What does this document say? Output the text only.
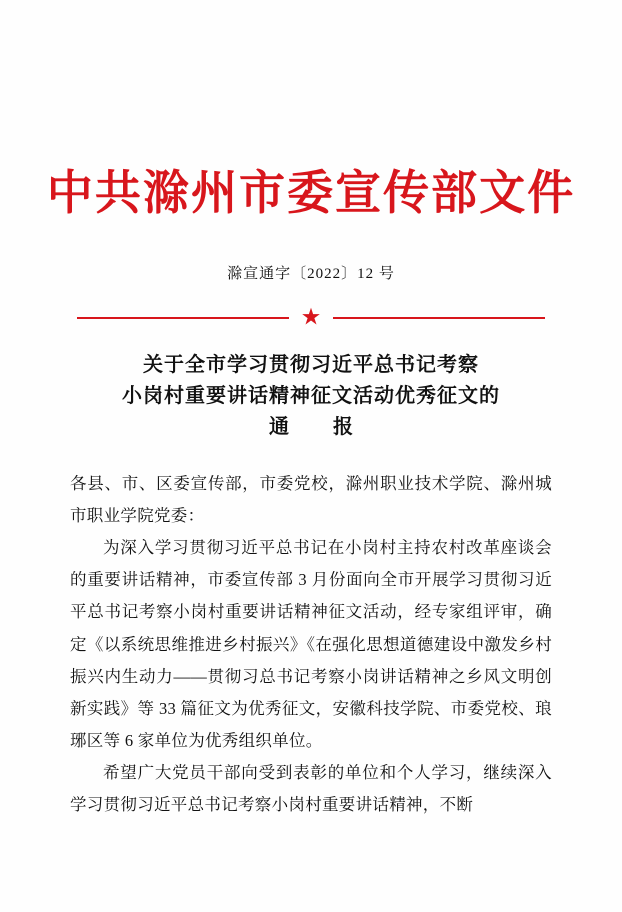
中共滁州市委宣传部文件
滁宣通字〔2022〕12 号
★
关于全市学习贯彻习近平总书记考察
小岗村重要讲话精神征文活动优秀征文的
通　报

各县、市、区委宣传部，市委党校，滁州职业技术学院、滁州城市职业学院党委：

为深入学习贯彻习近平总书记在小岗村主持农村改革座谈会的重要讲话精神，市委宣传部 3 月份面向全市开展学习贯彻习近平总书记考察小岗村重要讲话精神征文活动，经专家组评审，确定《以系统思维推进乡村振兴》《在强化思想道德建设中激发乡村振兴内生动力——贯彻习总书记考察小岗讲话精神之乡风文明创新实践》等 33 篇征文为优秀征文，安徽科技学院、市委党校、琅琊区等 6 家单位为优秀组织单位。

希望广大党员干部向受到表彰的单位和个人学习，继续深入学习贯彻习近平总书记考察小岗村重要讲话精神，不断
